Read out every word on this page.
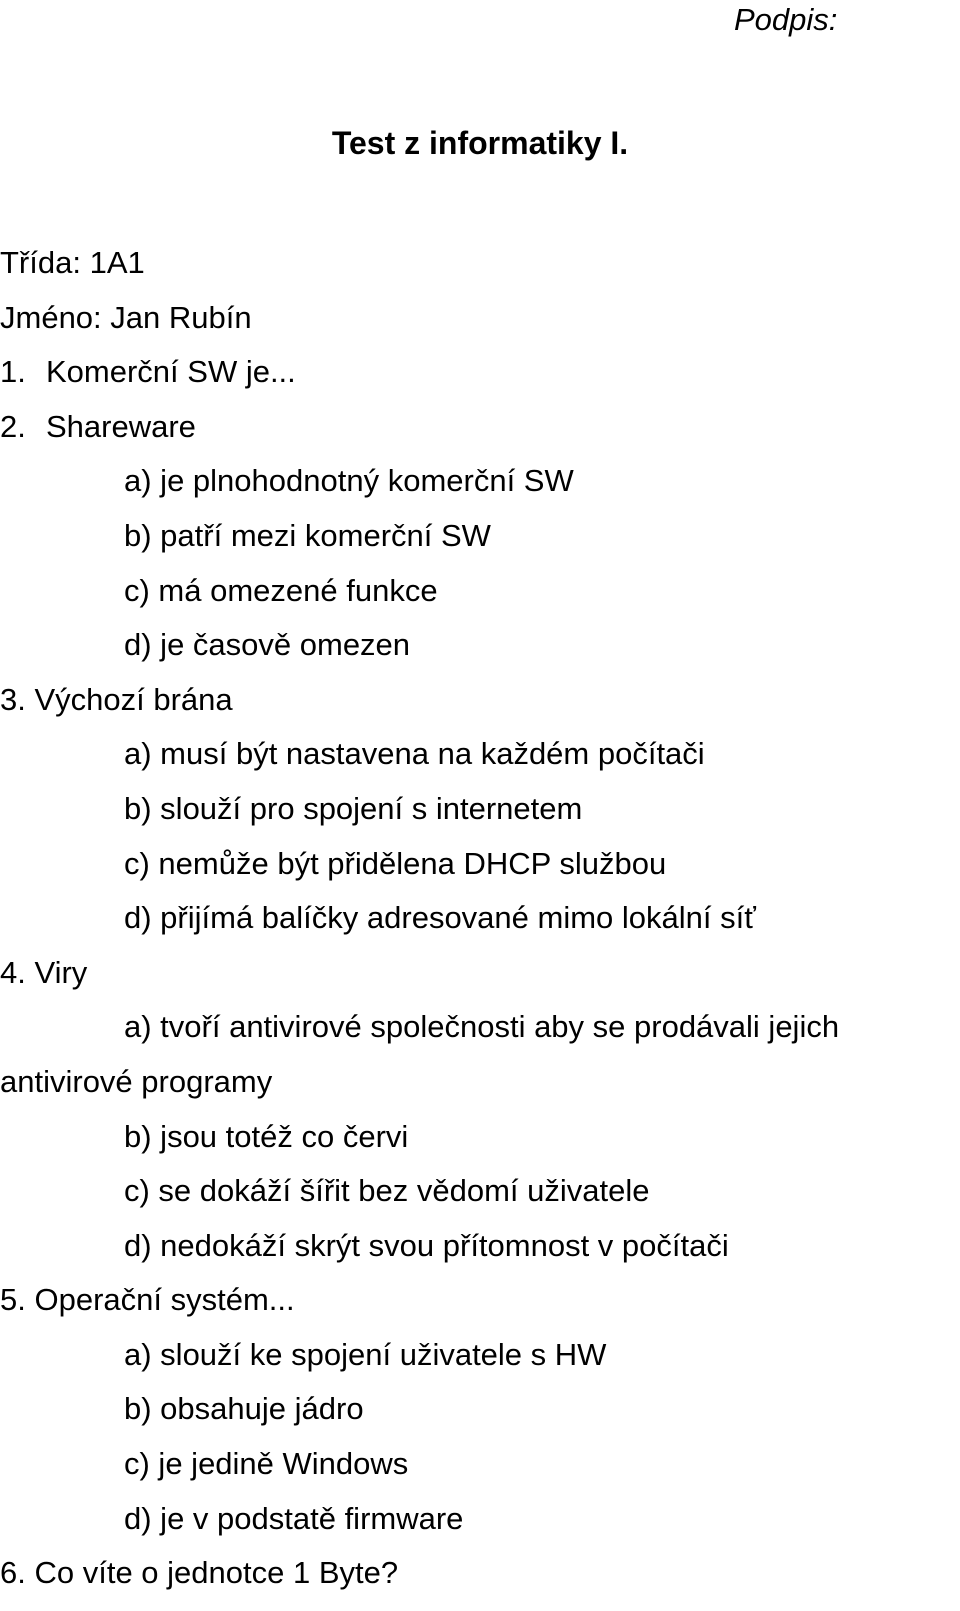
Podpis:
Test z informatiky I.
Třída: 1A1
Jméno: Jan Rubín
1. Komerční SW je...
2. Shareware
a) je plnohodnotný komerční SW
b) patří mezi komerční SW
c) má omezené funkce
d) je časově omezen
3. Výchozí brána
a) musí být nastavena na každém počítači
b) slouží pro spojení s internetem
c) nemůže být přidělena DHCP službou
d) přijímá balíčky adresované mimo lokální síť
4. Viry
a) tvoří antivirové společnosti aby se prodávali jejich
antivirové programy
b) jsou totéž co červi
c) se dokáží šířit bez vědomí uživatele
d) nedokáží skrýt svou přítomnost v počítači
5. Operační systém...
a) slouží ke spojení uživatele s HW
b) obsahuje jádro
c) je jedině Windows
d) je v podstatě firmware
6. Co víte o jednotce 1 Byte?
